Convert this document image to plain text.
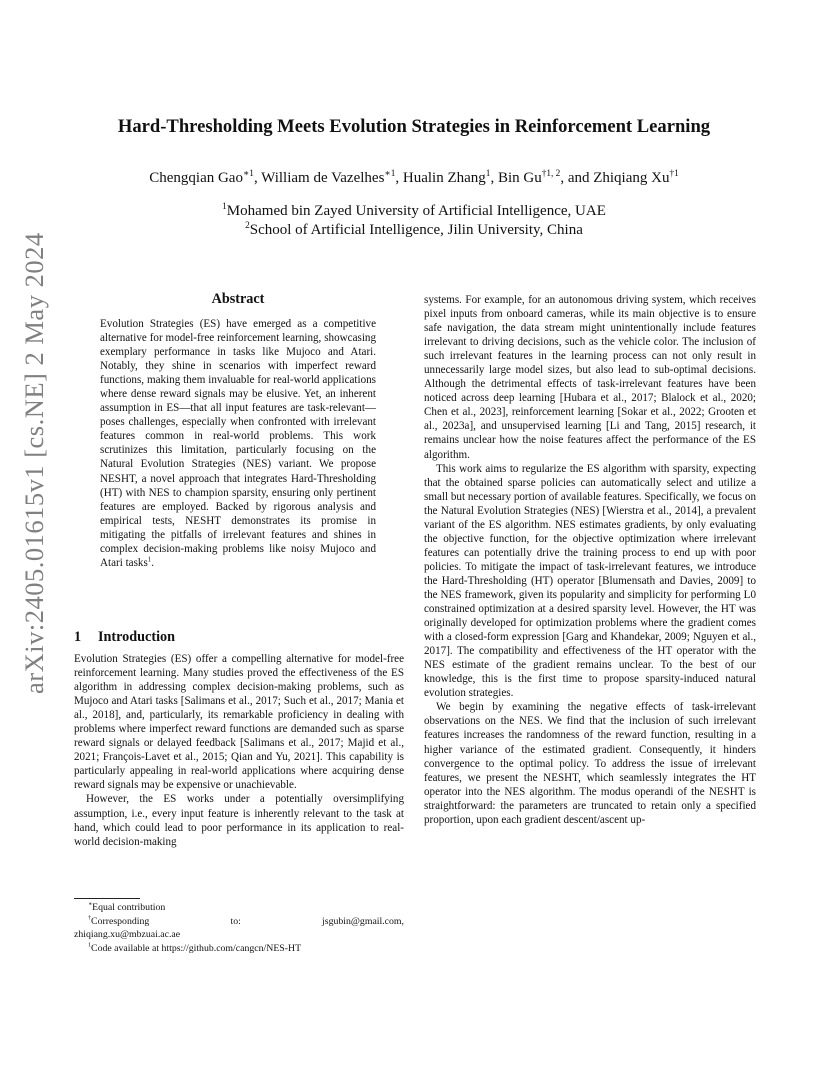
arXiv:2405.01615v1 [cs.NE] 2 May 2024
Hard-Thresholding Meets Evolution Strategies in Reinforcement Learning
Chengqian Gao$^{∗1}$, William de Vazelhes$^{∗1}$, Hualin Zhang$^1$, Bin Gu$^{\dagger 1, 2}$, and Zhiqiang Xu$^{\dagger 1}$
$^1$Mohamed bin Zayed University of Artificial Intelligence, UAE
$^2$School of Artificial Intelligence, Jilin University, China
Abstract
Evolution Strategies (ES) have emerged as a competitive alternative for model-free reinforcement learning, showcasing exemplary performance in tasks like Mujoco and Atari. Notably, they shine in scenarios with imperfect reward functions, making them invaluable for real-world applications where dense reward signals may be elusive. Yet, an inherent assumption in ES—that all input features are task-relevant—poses challenges, especially when confronted with irrelevant features common in real-world problems. This work scrutinizes this limitation, particularly focusing on the Natural Evolution Strategies (NES) variant. We propose NESHT, a novel approach that integrates Hard-Thresholding (HT) with NES to champion sparsity, ensuring only pertinent features are employed. Backed by rigorous analysis and empirical tests, NESHT demonstrates its promise in mitigating the pitfalls of irrelevant features and shines in complex decision-making problems like noisy Mujoco and Atari tasks$^1$.
1 Introduction

Evolution Strategies (ES) offer a compelling alternative for model-free reinforcement learning. Many studies proved the effectiveness of the ES algorithm in addressing complex decision-making problems, such as Mujoco and Atari tasks [Salimans et al., 2017; Such et al., 2017; Mania et al., 2018], and, particularly, its remarkable proficiency in dealing with problems where imperfect reward functions are demanded such as sparse reward signals or delayed feedback [Salimans et al., 2017; Majid et al., 2021; François-Lavet et al., 2015; Qian and Yu, 2021]. This capability is particularly appealing in real-world applications where acquiring dense reward signals may be expensive or unachievable.

However, the ES works under a potentially oversimplifying assumption, i.e., every input feature is inherently relevant to the task at hand, which could lead to poor performance in its application to real-world decision-making

∗Equal contribution
†Corresponding	to:	jsgubin@gmail.com,
zhiqiang.xu@mbzuai.ac.ae
$^1$Code available at https://github.com/cangcn/NES-HT

systems. For example, for an autonomous driving system, which receives pixel inputs from onboard cameras, while its main objective is to ensure safe navigation, the data stream might unintentionally include features irrelevant to driving decisions, such as the vehicle color. The inclusion of such irrelevant features in the learning process can not only result in unnecessarily large model sizes, but also lead to sub-optimal decisions. Although the detrimental effects of task-irrelevant features have been noticed across deep learning [Hubara et al., 2017; Blalock et al., 2020; Chen et al., 2023], reinforcement learning [Sokar et al., 2022; Grooten et al., 2023a], and unsupervised learning [Li and Tang, 2015] research, it remains unclear how the noise features affect the performance of the ES algorithm.

This work aims to regularize the ES algorithm with sparsity, expecting that the obtained sparse policies can automatically select and utilize a small but necessary portion of available features. Specifically, we focus on the Natural Evolution Strategies (NES) [Wierstra et al., 2014], a prevalent variant of the ES algorithm. NES estimates gradients, by only evaluating the objective function, for the objective optimization where irrelevant features can potentially drive the training process to end up with poor policies. To mitigate the impact of task-irrelevant features, we introduce the Hard-Thresholding (HT) operator [Blumensath and Davies, 2009] to the NES framework, given its popularity and simplicity for performing L0 constrained optimization at a desired sparsity level. However, the HT was originally developed for optimization problems where the gradient comes with a closed-form expression [Garg and Khandekar, 2009; Nguyen et al., 2017]. The compatibility and effectiveness of the HT operator with the NES estimate of the gradient remains unclear. To the best of our knowledge, this is the first time to propose sparsity-induced natural evolution strategies.

We begin by examining the negative effects of task-irrelevant observations on the NES. We find that the inclusion of such irrelevant features increases the randomness of the reward function, resulting in a higher variance of the estimated gradient. Consequently, it hinders convergence to the optimal policy. To address the issue of irrelevant features, we present the NESHT, which seamlessly integrates the HT operator into the NES algorithm. The modus operandi of the NESHT is straightforward: the parameters are truncated to retain only a specified proportion, upon each gradient descent/ascent up-
